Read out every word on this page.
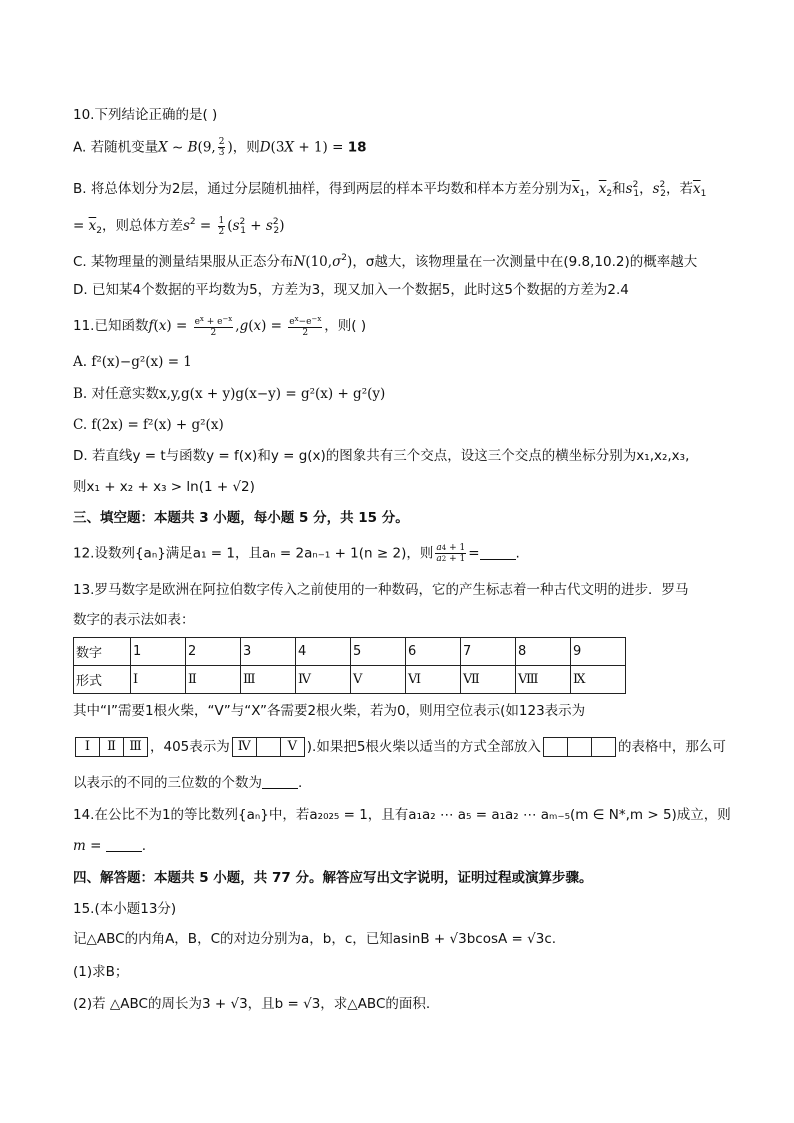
10.下列结论正确的是( )
A. 若随机变量X ~ B(9, $\frac{2}{3}$ )，则D(3X + 1) = 18
B. 将总体划分为2层，通过分层随机抽样，得到两层的样本平均数和样本方差分别为$\overline{x}_1$，$\overline{x}_2$和$s^2_1$，$s^2_2$，若$\overline{x}_1$
= $\overline{x}_2$，则总体方差$s^2 = \frac{1}{2} (s^2_1 + s^2_2)$
C. 某物理量的测量结果服从正态分布$N(10,\sigma^2)$，σ越大，该物理量在一次测量中在(9.8,10.2)的概率越大
D. 已知某4个数据的平均数为5，方差为3，现又加入一个数据5，此时这5个数据的方差为2.4
11.已知函数$f(x) = \frac{e^x + e^{-x}}{2} ,g(x) = \frac{e^x-e^{-x}}{2}$ ，则( )
A. f²(x)−g²(x) = 1
B. 对任意实数x,y,g(x + y)g(x−y) = g²(x) + g²(y)
C. f(2x) = f²(x) + g²(x)
D. 若直线y = t与函数y = f(x)和y = g(x)的图象共有三个交点，设这三个交点的横坐标分别为x₁,x₂,x₃,
则x₁ + x₂ + x₃ > ln(1 + √2)
三、填空题：本题共 3 小题，每小题 5 分，共 15 分。
12.设数列{aₙ}满足a₁ = 1，且aₙ = 2aₙ₋₁ + 1(n ≥ 2)，则 $\frac{a4 + 1}{a2 + 1}$ =	.
13.罗马数字是欧洲在阿拉伯数字传入之前使用的一种数码，它的产生标志着一种古代文明的进步．罗马
数字的表示法如表：
数字	1	2	3	4	5	6	7	8	9
形式	Ⅰ	Ⅱ	Ⅲ	Ⅳ	Ⅴ	Ⅵ	Ⅶ	Ⅷ	Ⅸ
其中“Ⅰ”需要1根火柴，“Ⅴ”与“X”各需要2根火柴，若为0，则用空位表示(如123表示为
Ⅰ	Ⅱ	Ⅲ ，405表示为 Ⅳ	Ⅴ ).如果把5根火柴以适当的方式全部放入	的表格中，那么可
以表示的不同的三位数的个数为	.
14.在公比不为1的等比数列{aₙ}中，若a₂₀₂₅ = 1，且有a₁a₂ ⋯ a₅ = a₁a₂ ⋯ aₘ₋₅(m ∈ N*,m > 5)成立，则
m =	.
四、解答题：本题共 5 小题，共 77 分。解答应写出文字说明，证明过程或演算步骤。
15.(本小题13分)
记△ABC的内角A，B，C的对边分别为a，b，c，已知asinB + √3bcosA = √3c.
(1)求B；
(2)若 △ABC的周长为3 + √3，且b = √3，求△ABC的面积.
